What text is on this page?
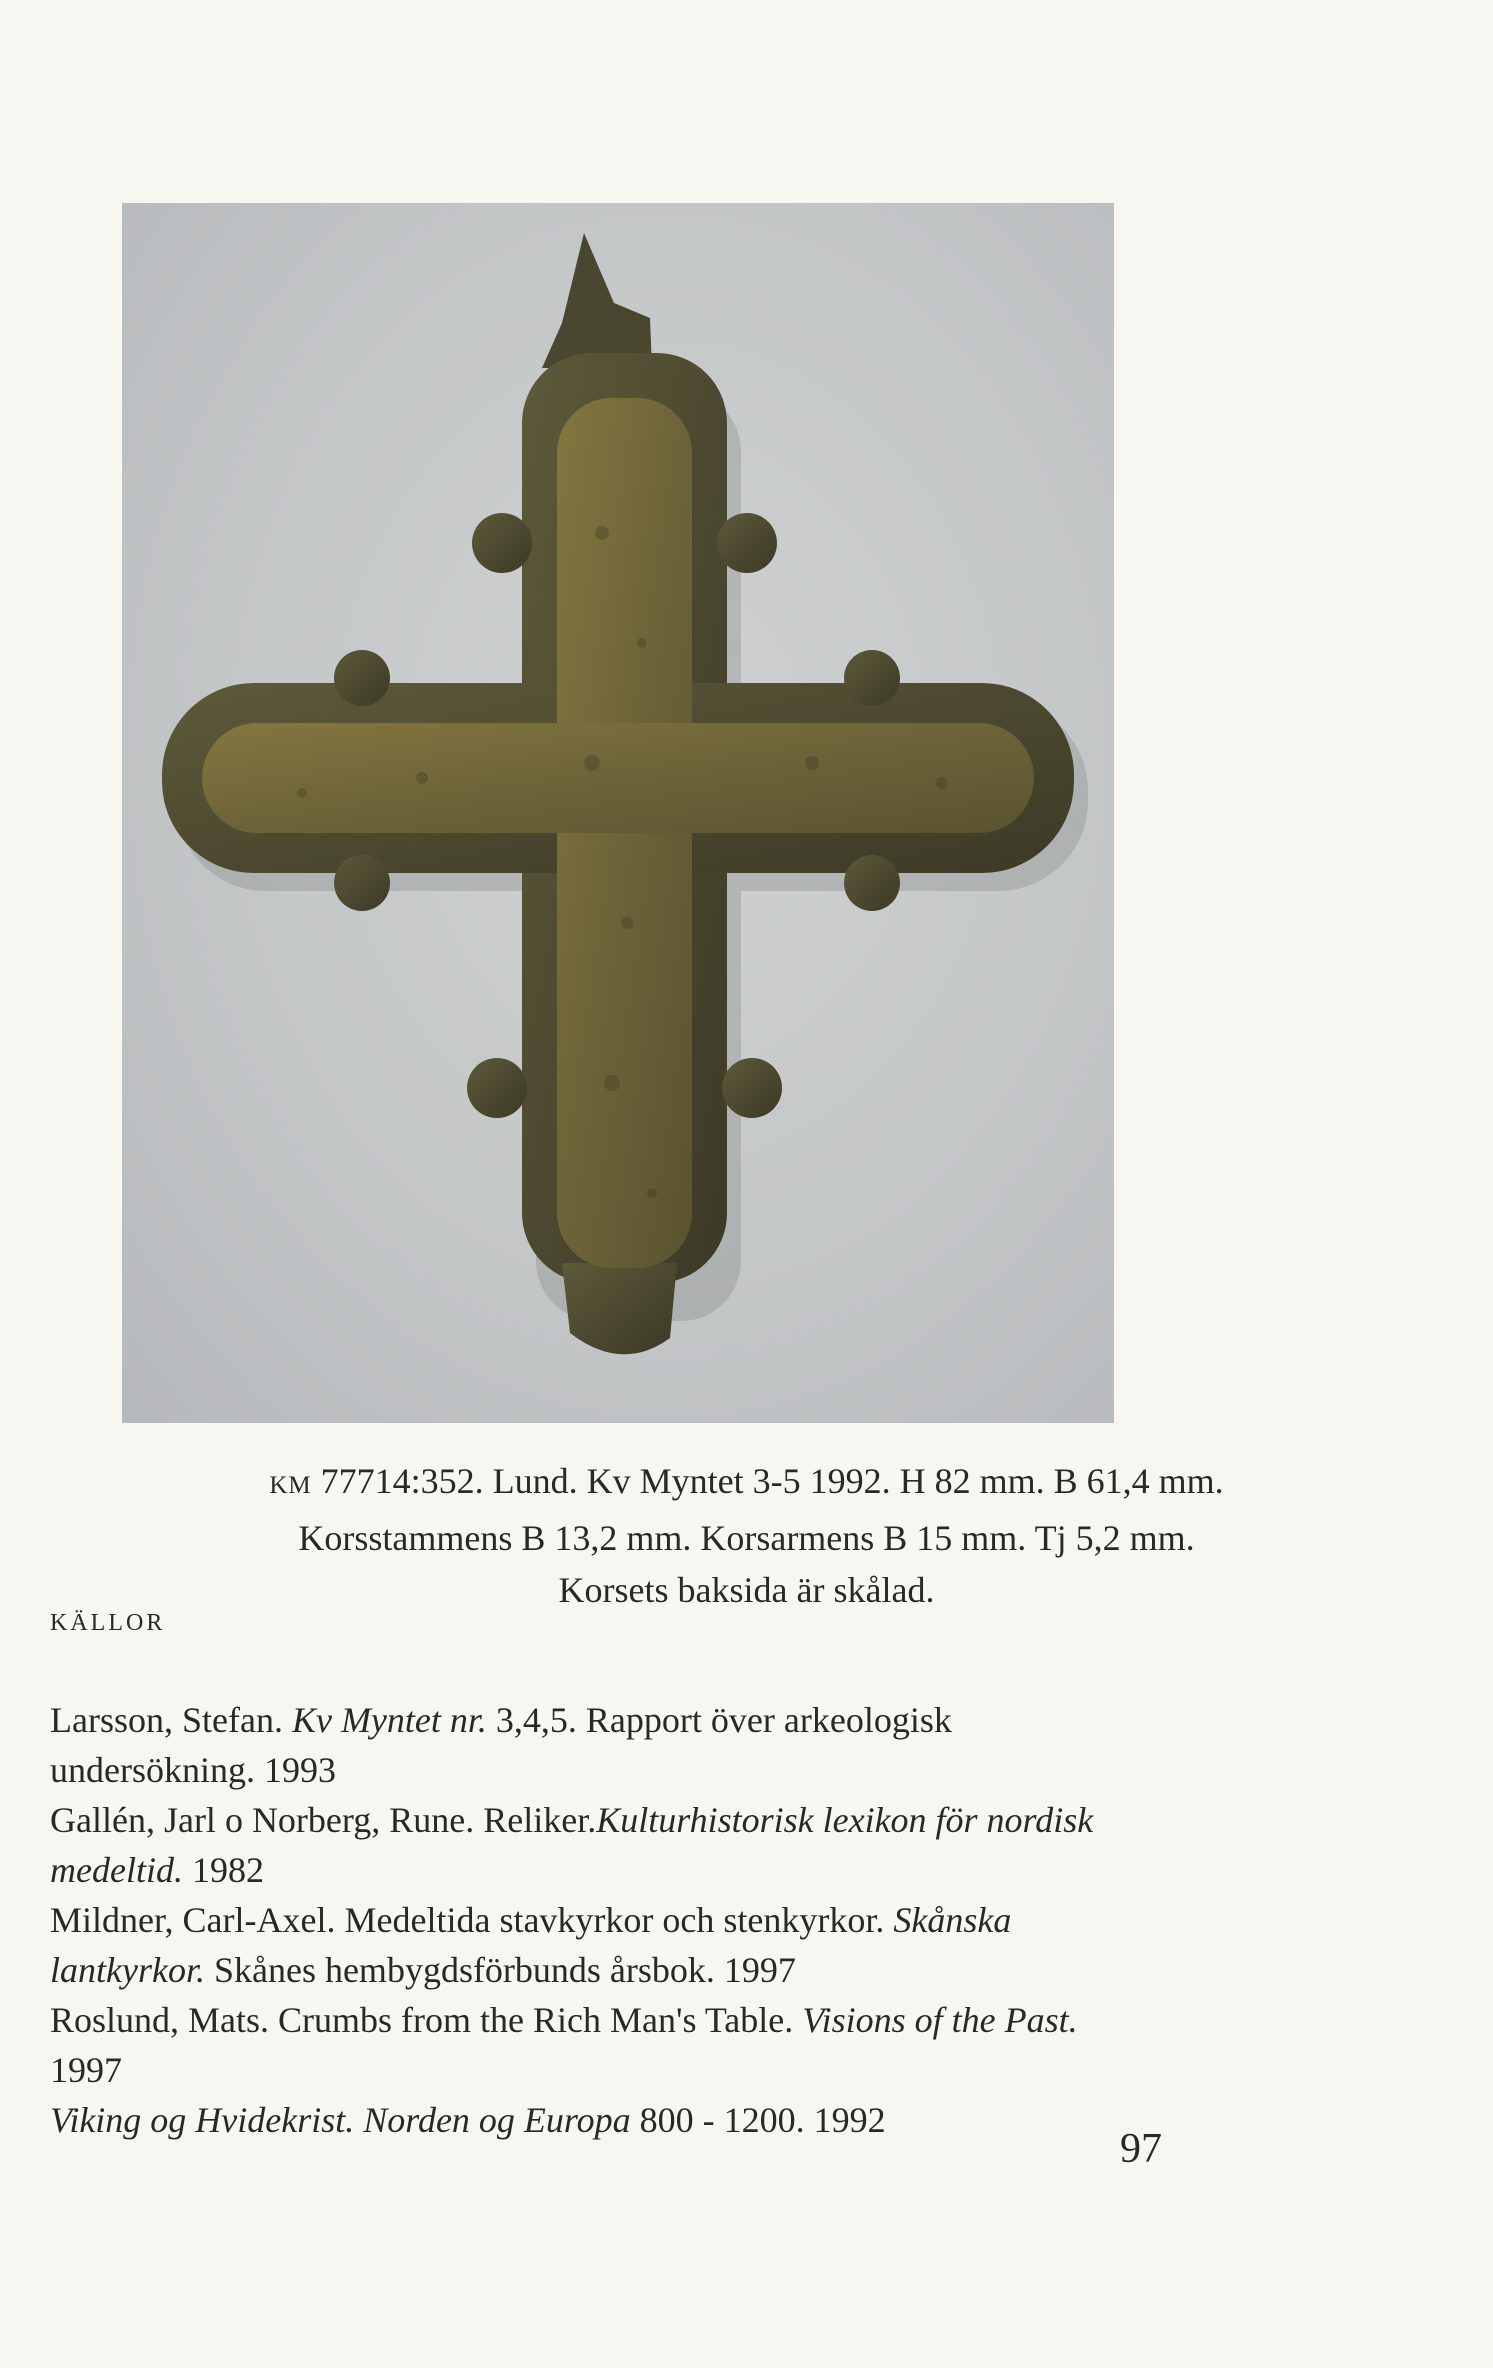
KM 77714:352. Lund. Kv Myntet 3-5 1992. H 82 mm. B 61,4 mm.
Korsstammens B 13,2 mm. Korsarmens B 15 mm. Tj 5,2 mm.
Korsets baksida är skålad.
KÄLLOR

Larsson, Stefan. Kv Myntet nr. 3,4,5. Rapport över arkeologisk undersökning. 1993

Gallén, Jarl o Norberg, Rune. Reliker.Kulturhistorisk lexikon för nordisk medeltid. 1982

Mildner, Carl-Axel. Medeltida stavkyrkor och stenkyrkor. Skånska lantkyrkor. Skånes hembygdsförbunds årsbok. 1997

Roslund, Mats. Crumbs from the Rich Man's Table. Visions of the Past. 1997

Viking og Hvidekrist. Norden og Europa 800 - 1200. 1992

97
